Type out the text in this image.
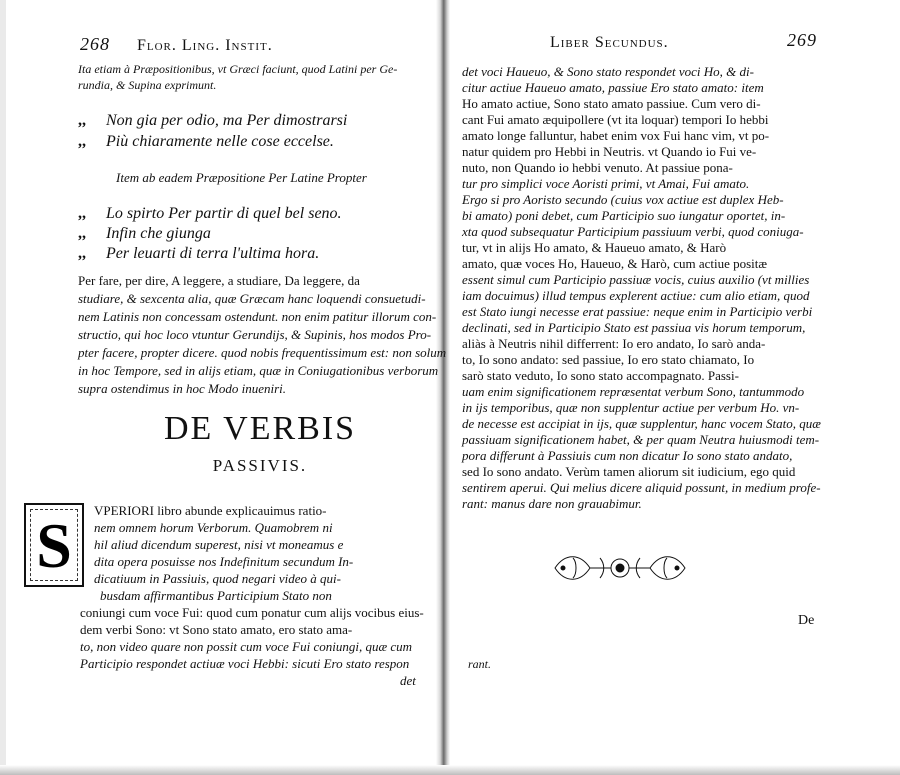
268 Flor. Ling. Instit.
Ita etiam à Præpositionibus, vt Græci faciunt, quod Latini per Ge-
rundia, & Supina exprimunt.
,, Non gia per odio, ma Per dimostrarsi
,, Più chiaramente nelle cose eccelse.
Item ab eadem Præpositione Per Latine Propter
,, Lo spirto Per partir di quel bel seno.
,, Infin che giunga
,, Per leuarti di terra l'ultima hora.
Per fare, per dire, A leggere, a studiare, Da leggere, da
studiare, & sexcenta alia, quæ Græcam hanc loquendi consuetudi-
nem Latinis non concessam ostendunt. non enim patitur illorum con-
structio, qui hoc loco vtuntur Gerundijs, & Supinis, hos modos Pro-
pter facere, propter dicere. quod nobis frequentissimum est: non solum
in hoc Tempore, sed in alijs etiam, quæ in Coniugationibus verborum
supra ostendimus in hoc Modo inueniri.
DE VERBIS
PASSIVIS.
S	VPERIORI libro abunde explicauimus ratio-
nem omnem horum Verborum. Quamobrem ni
hil aliud dicendum superest, nisi vt moneamus e
dita opera posuisse nos Indefinitum secundum In-
dicatiuum in Passiuis, quod negari video à qui-
busdam affirmantibus Participium Stato non
coniungi cum voce Fui: quod cum ponatur cum alijs vocibus eius-
dem verbi Sono: vt Sono stato amato, ero stato ama-
to, non video quare non possit cum voce Fui coniungi, quæ cum
Participio respondet actiuæ voci Hebbi: sicuti Ero stato respon
det
Liber Secundus.	269
det voci Haueuo, & Sono stato respondet voci Ho, & di-
citur actiue Haueuo amato, passiue Ero stato amato: item
Ho amato actiue, Sono stato amato passiue. Cum vero di-
cant Fui amato æquipollere (vt ita loquar) tempori Io hebbi
amato longe falluntur, habet enim vox Fui hanc vim, vt po-
natur quidem pro Hebbi in Neutris. vt Quando io Fui ve-
nuto, non Quando io hebbi venuto. At passiue pona-
tur pro simplici voce Aoristi primi, vt Amai, Fui amato.
Ergo si pro Aoristo secundo (cuius vox actiue est duplex Heb-
bi amato) poni debet, cum Participio suo iungatur oportet, in-
xta quod subsequatur Participium passiuum verbi, quod coniuga-
tur, vt in alijs Ho amato, & Haueuo amato, & Harò
amato, quæ voces Ho, Haueuo, & Harò, cum actiue positæ
essent simul cum Participio passiuæ vocis, cuius auxilio (vt millies
iam docuimus) illud tempus explerent actiue: cum alio etiam, quod
est Stato iungi necesse erat passiue: neque enim in Participio verbi
declinati, sed in Participio Stato est passiua vis horum temporum,
aliàs à Neutris nihil differrent: Io ero andato, Io sarò anda-
to, Io sono andato: sed passiue, Io ero stato chiamato, Io
sarò stato veduto, Io sono stato accompagnato. Passi-
uam enim significationem repræsentat verbum Sono, tantummodo
in ijs temporibus, quæ non supplentur actiue per verbum Ho. vn-
de necesse est accipiat in ijs, quæ supplentur, hanc vocem Stato, quæ
passiuam significationem habet, & per quam Neutra huiusmodi tem-
pora differunt à Passiuis cum non dicatur Io sono stato andato,
sed Io sono andato. Verùm tamen aliorum sit iudicium, ego quid
sentirem aperui. Qui melius dicere aliquid possunt, in medium profe-
rant: manus dare non grauabimur.
De
rant.
